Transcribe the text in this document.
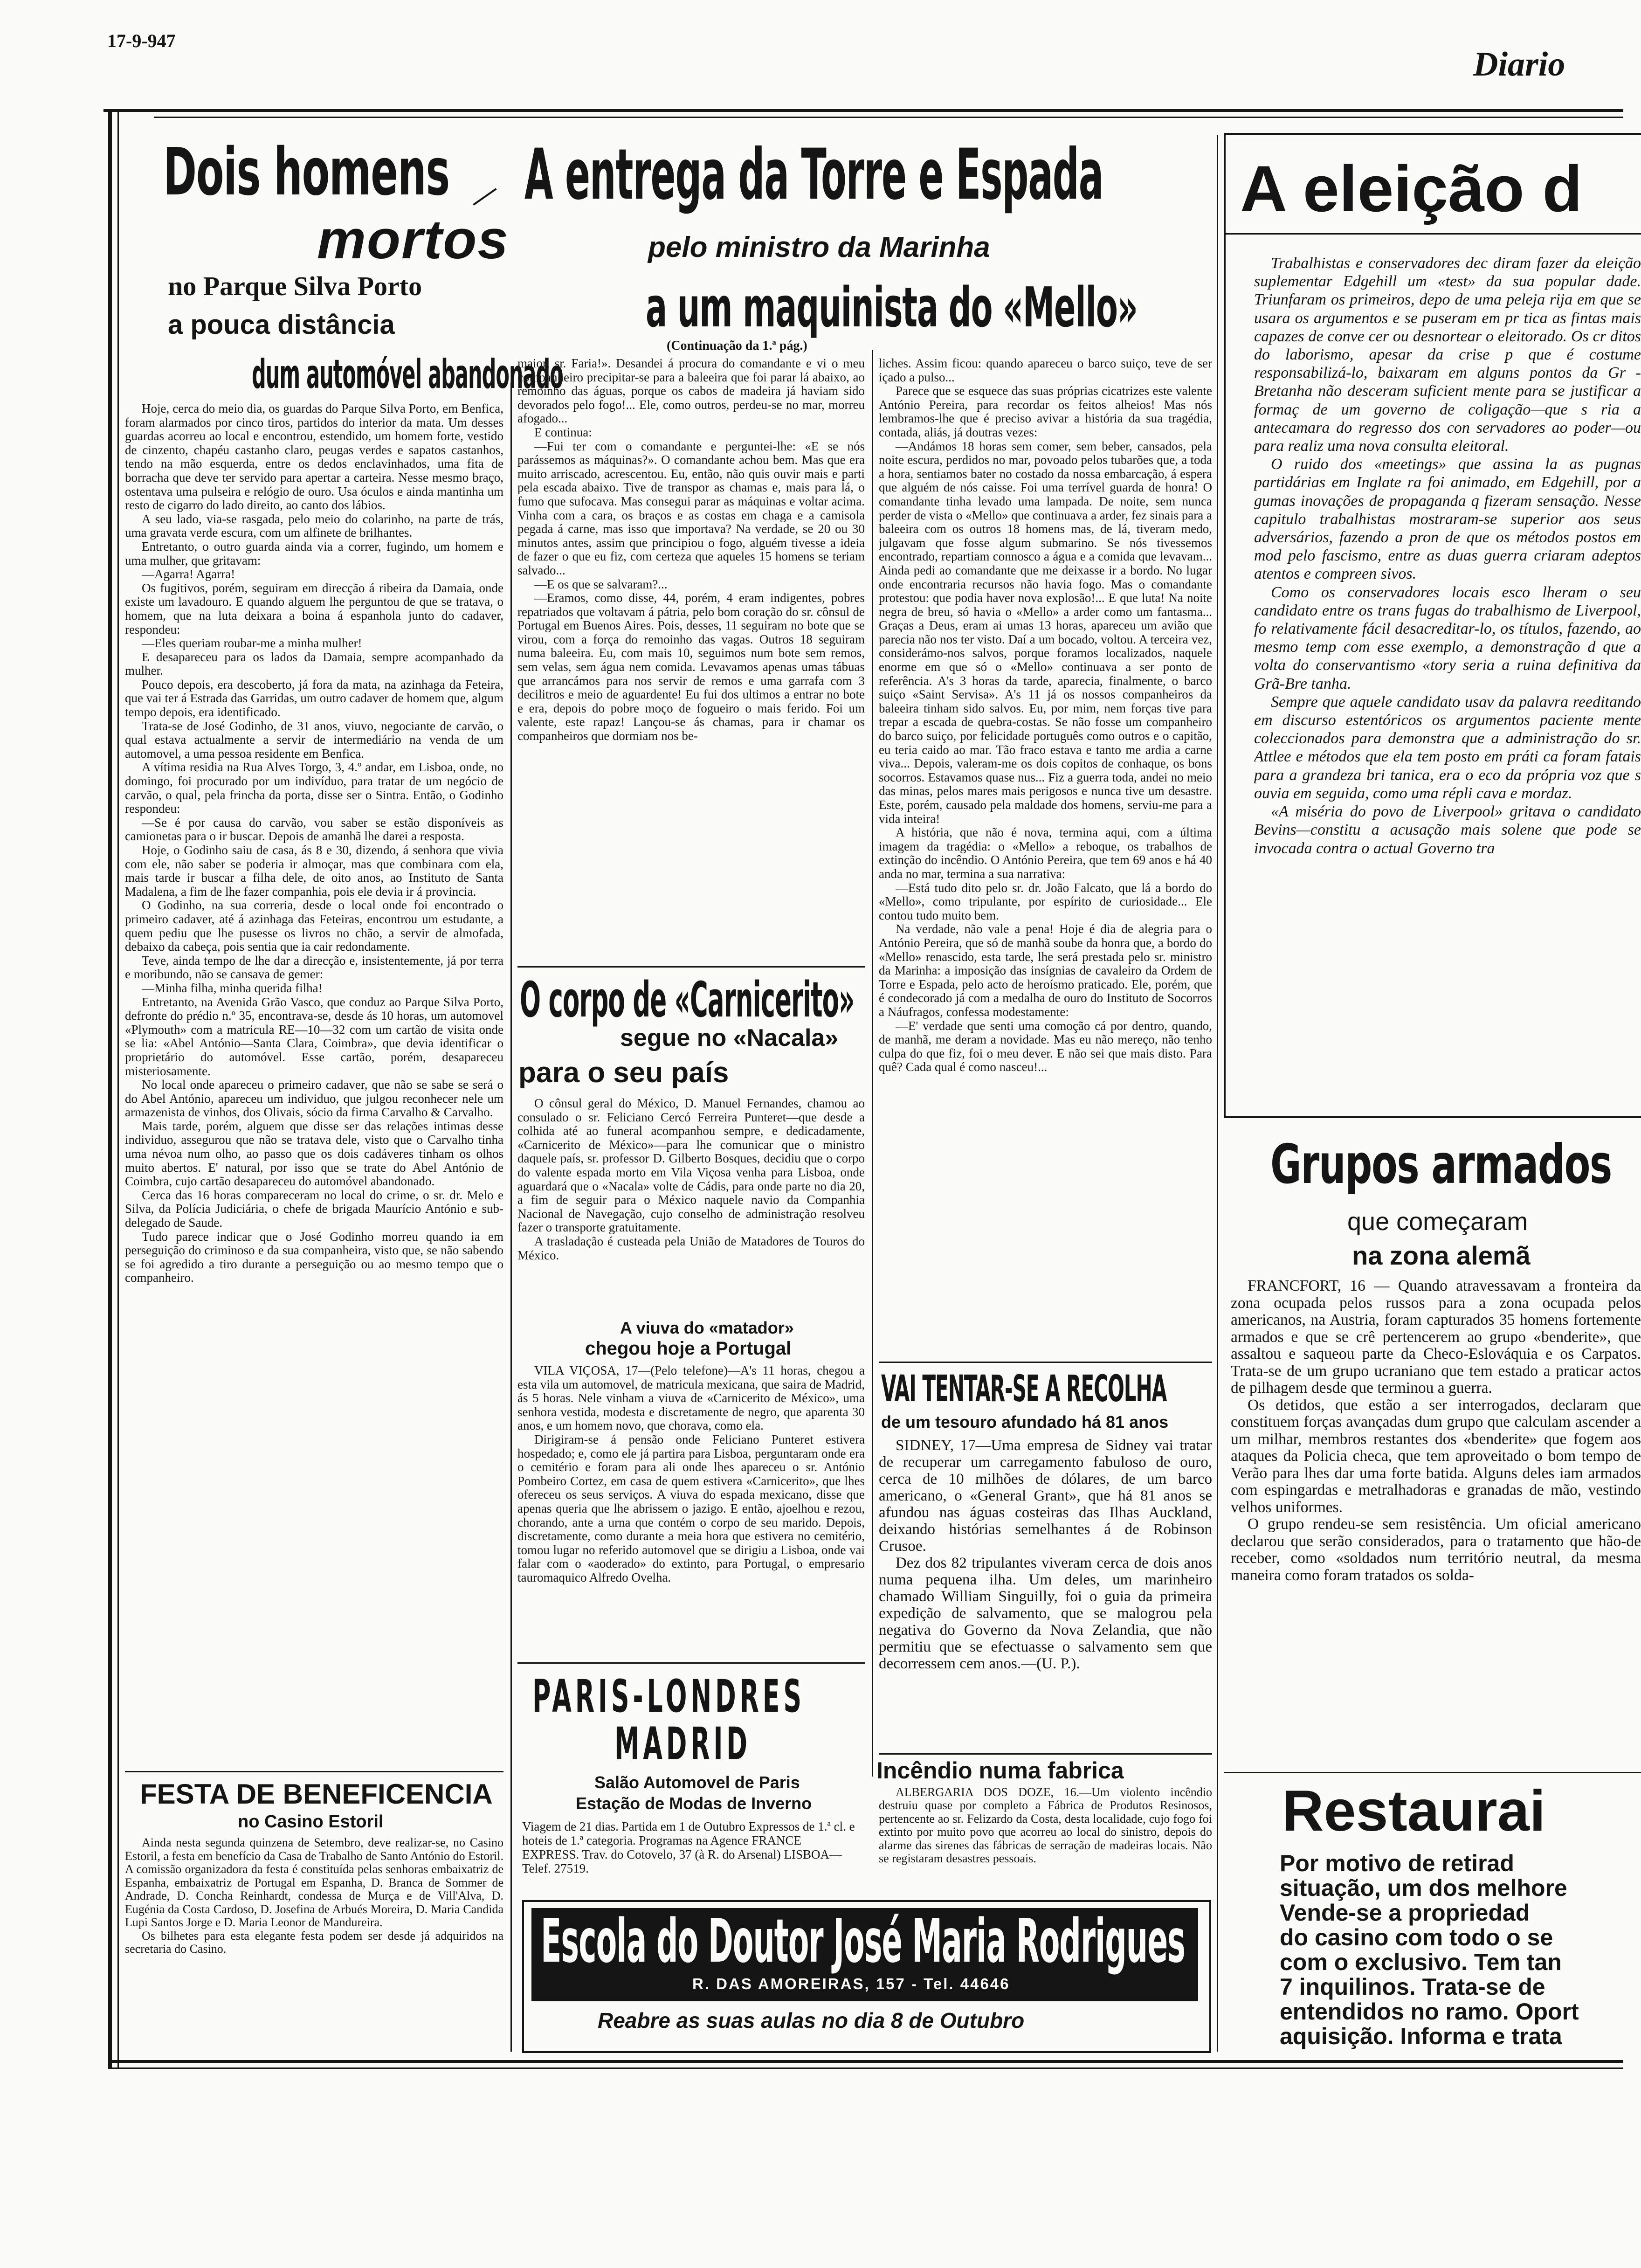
17-9-947
Diario
Dois homens
mortos
no Parque Silva Porto
a pouca distância
dum automóvel abandonado

Hoje, cerca do meio dia, os guardas do Parque Silva Porto, em Benfica, foram alarmados por cinco tiros, partidos do interior da mata. Um desses guardas acorreu ao local e encontrou, estendido, um homem forte, vestido de cinzento, chapéu castanho claro, peugas verdes e sapatos castanhos, tendo na mão esquerda, entre os dedos enclavinhados, uma fita de borracha que deve ter servido para apertar a carteira. Nesse mesmo braço, ostentava uma pulseira e relógio de ouro. Usa óculos e ainda mantinha um resto de cigarro do lado direito, ao canto dos lábios.

A seu lado, via-se rasgada, pelo meio do colarinho, na parte de trás, uma gravata verde escura, com um alfinete de brilhantes.

Entretanto, o outro guarda ainda via a correr, fugindo, um homem e uma mulher, que gritavam:

—Agarra! Agarra!

Os fugitivos, porém, seguiram em direcção á ribeira da Damaia, onde existe um lavadouro. E quando alguem lhe perguntou de que se tratava, o homem, que na luta deixara a boina á espanhola junto do cadaver, respondeu:

—Eles queriam roubar-me a minha mulher!

E desapareceu para os lados da Damaia, sempre acompanhado da mulher.

Pouco depois, era descoberto, já fora da mata, na azinhaga da Feteira, que vai ter á Estrada das Garridas, um outro cadaver de homem que, algum tempo depois, era identificado.

Trata-se de José Godinho, de 31 anos, viuvo, negociante de carvão, o qual estava actualmente a servir de intermediário na venda de um automovel, a uma pessoa residente em Benfica.

A vítima residia na Rua Alves Torgo, 3, 4.º andar, em Lisboa, onde, no domingo, foi procurado por um indivíduo, para tratar de um negócio de carvão, o qual, pela frincha da porta, disse ser o Sintra. Então, o Godinho respondeu:

—Se é por causa do carvão, vou saber se estão disponíveis as camionetas para o ir buscar. Depois de amanhã lhe darei a resposta.

Hoje, o Godinho saiu de casa, ás 8 e 30, dizendo, á senhora que vivia com ele, não saber se poderia ir almoçar, mas que combinara com ela, mais tarde ir buscar a filha dele, de oito anos, ao Instituto de Santa Madalena, a fim de lhe fazer companhia, pois ele devia ir á provincia.

O Godinho, na sua correria, desde o local onde foi encontrado o primeiro cadaver, até á azinhaga das Feteiras, encontrou um estudante, a quem pediu que lhe pusesse os livros no chão, a servir de almofada, debaixo da cabeça, pois sentia que ia cair redondamente.

Teve, ainda tempo de lhe dar a direcção e, insistentemente, já por terra e moribundo, não se cansava de gemer:

—Minha filha, minha querida filha!

Entretanto, na Avenida Grão Vasco, que conduz ao Parque Silva Porto, defronte do prédio n.º 35, encontrava-se, desde ás 10 horas, um automovel «Plymouth» com a matricula RE—10—32 com um cartão de visita onde se lia: «Abel António—Santa Clara, Coimbra», que devia identificar o proprietário do automóvel. Esse cartão, porém, desapareceu misteriosamente.

No local onde apareceu o primeiro cadaver, que não se sabe se será o do Abel António, apareceu um individuo, que julgou reconhecer nele um armazenista de vinhos, dos Olivais, sócio da firma Carvalho & Carvalho.

Mais tarde, porém, alguem que disse ser das relações intimas desse individuo, assegurou que não se tratava dele, visto que o Carvalho tinha uma névoa num olho, ao passo que os dois cadáveres tinham os olhos muito abertos. E' natural, por isso que se trate do Abel António de Coimbra, cujo cartão desapareceu do automóvel abandonado.

Cerca das 16 horas compareceram no local do crime, o sr. dr. Melo e Silva, da Polícia Judiciária, o chefe de brigada Maurício António e sub-delegado de Saude.

Tudo parece indicar que o José Godinho morreu quando ia em perseguição do criminoso e da sua companheira, visto que, se não sabendo se foi agredido a tiro durante a perseguição ou ao mesmo tempo que o companheiro.

FESTA DE BENEFICENCIA
no Casino Estoril

Ainda nesta segunda quinzena de Setembro, deve realizar-se, no Casino Estoril, a festa em benefício da Casa de Trabalho de Santo António do Estoril. A comissão organizadora da festa é constituída pelas senhoras embaixatriz de Espanha, embaixatriz de Portugal em Espanha, D. Branca de Sommer de Andrade, D. Concha Reinhardt, condessa de Murça e de Vill'Alva, D. Eugénia da Costa Cardoso, D. Josefina de Arbués Moreira, D. Maria Candida Lupi Santos Jorge e D. Maria Leonor de Mandureira.

Os bilhetes para esta elegante festa podem ser desde já adquiridos na secretaria do Casino.

A entrega da Torre e Espada
pelo ministro da Marinha
a um maquinista do «Mello»
(Continuação da 1.ª pág.)

maior, sr. Faria!». Desandei á procura do comandante e vi o meu companheiro precipitar-se para a baleeira que foi parar lá abaixo, ao remoinho das águas, porque os cabos de madeira já haviam sido devorados pelo fogo!... Ele, como outros, perdeu-se no mar, morreu afogado...

E continua:

—Fui ter com o comandante e perguntei-lhe: «E se nós parássemos as máquinas?». O comandante achou bem. Mas que era muito arriscado, acrescentou. Eu, então, não quis ouvir mais e parti pela escada abaixo. Tive de transpor as chamas e, mais para lá, o fumo que sufocava. Mas consegui parar as máquinas e voltar acima. Vinha com a cara, os braços e as costas em chaga e a camisola pegada á carne, mas isso que importava? Na verdade, se 20 ou 30 minutos antes, assim que principiou o fogo, alguém tivesse a ideia de fazer o que eu fiz, com certeza que aqueles 15 homens se teriam salvado...

—E os que se salvaram?...

—Eramos, como disse, 44, porém, 4 eram indigentes, pobres repatriados que voltavam á pátria, pelo bom coração do sr. cônsul de Portugal em Buenos Aires. Pois, desses, 11 seguiram no bote que se virou, com a força do remoinho das vagas. Outros 18 seguiram numa baleeira. Eu, com mais 10, seguimos num bote sem remos, sem velas, sem água nem comida. Levavamos apenas umas tábuas que arrancámos para nos servir de remos e uma garrafa com 3 decilitros e meio de aguardente! Eu fui dos ultimos a entrar no bote e era, depois do pobre moço de fogueiro o mais ferido. Foi um valente, este rapaz! Lançou-se ás chamas, para ir chamar os companheiros que dormiam nos be-

liches. Assim ficou: quando apareceu o barco suiço, teve de ser içado a pulso...

Parece que se esquece das suas próprias cicatrizes este valente António Pereira, para recordar os feitos alheios! Mas nós lembramos-lhe que é preciso avivar a história da sua tragédia, contada, aliás, já doutras vezes:

—Andámos 18 horas sem comer, sem beber, cansados, pela noite escura, perdidos no mar, povoado pelos tubarões que, a toda a hora, sentiamos bater no costado da nossa embarcação, á espera que alguém de nós caisse. Foi uma terrível guarda de honra! O comandante tinha levado uma lampada. De noite, sem nunca perder de vista o «Mello» que continuava a arder, fez sinais para a baleeira com os outros 18 homens mas, de lá, tiveram medo, julgavam que fosse algum submarino. Se nós tivessemos encontrado, repartiam connosco a água e a comida que levavam... Ainda pedi ao comandante que me deixasse ir a bordo. No lugar onde encontraria recursos não havia fogo. Mas o comandante protestou: que podia haver nova explosão!... E que luta! Na noite negra de breu, só havia o «Mello» a arder como um fantasma... Graças a Deus, eram ai umas 13 horas, apareceu um avião que parecia não nos ter visto. Daí a um bocado, voltou. A terceira vez, considerámo-nos salvos, porque foramos localizados, naquele enorme em que só o «Mello» continuava a ser ponto de referência. A's 3 horas da tarde, aparecia, finalmente, o barco suiço «Saint Servisa». A's 11 já os nossos companheiros da baleeira tinham sido salvos. Eu, por mim, nem forças tive para trepar a escada de quebra-costas. Se não fosse um companheiro do barco suiço, por felicidade português como outros e o capitão, eu teria caido ao mar. Tão fraco estava e tanto me ardia a carne viva... Depois, valeram-me os dois copitos de conhaque, os bons socorros. Estavamos quase nus... Fiz a guerra toda, andei no meio das minas, pelos mares mais perigosos e nunca tive um desastre. Este, porém, causado pela maldade dos homens, serviu-me para a vida inteira!

A história, que não é nova, termina aqui, com a última imagem da tragédia: o «Mello» a reboque, os trabalhos de extinção do incêndio. O António Pereira, que tem 69 anos e há 40 anda no mar, termina a sua narrativa:

—Está tudo dito pelo sr. dr. João Falcato, que lá a bordo do «Mello», como tripulante, por espírito de curiosidade... Ele contou tudo muito bem.

Na verdade, não vale a pena! Hoje é dia de alegria para o António Pereira, que só de manhã soube da honra que, a bordo do «Mello» renascido, esta tarde, lhe será prestada pelo sr. ministro da Marinha: a imposição das insígnias de cavaleiro da Ordem de Torre e Espada, pelo acto de heroísmo praticado. Ele, porém, que é condecorado já com a medalha de ouro do Instituto de Socorros a Náufragos, confessa modestamente:

—E' verdade que senti uma comoção cá por dentro, quando, de manhã, me deram a novidade. Mas eu não mereço, não tenho culpa do que fiz, foi o meu dever. E não sei que mais disto. Para quê? Cada qual é como nasceu!...

O corpo de «Carnicerito»
segue no «Nacala»
para o seu país

O cônsul geral do México, D. Manuel Fernandes, chamou ao consulado o sr. Feliciano Cercó Ferreira Punteret—que desde a colhida até ao funeral acompanhou sempre, e dedicadamente, «Carnicerito de México»—para lhe comunicar que o ministro daquele país, sr. professor D. Gilberto Bosques, decidiu que o corpo do valente espada morto em Vila Viçosa venha para Lisboa, onde aguardará que o «Nacala» volte de Cádis, para onde parte no dia 20, a fim de seguir para o México naquele navio da Companhia Nacional de Navegação, cujo conselho de administração resolveu fazer o transporte gratuitamente.

A trasladação é custeada pela União de Matadores de Touros do México.

A viuva do «matador»
chegou hoje a Portugal

VILA VIÇOSA, 17—(Pelo telefone)—A's 11 horas, chegou a esta vila um automovel, de matricula mexicana, que saira de Madrid, ás 5 horas. Nele vinham a viuva de «Carnicerito de México», uma senhora vestida, modesta e discretamente de negro, que aparenta 30 anos, e um homem novo, que chorava, como ela.

Dirigiram-se á pensão onde Feliciano Punteret estivera hospedado; e, como ele já partira para Lisboa, perguntaram onde era o cemitério e foram para ali onde lhes apareceu o sr. António Pombeiro Cortez, em casa de quem estivera «Carnicerito», que lhes ofereceu os seus serviços. A viuva do espada mexicano, disse que apenas queria que lhe abrissem o jazigo. E então, ajoelhou e rezou, chorando, ante a urna que contém o corpo de seu marido. Depois, discretamente, como durante a meia hora que estivera no cemitério, tomou lugar no referido automovel que se dirigiu a Lisboa, onde vai falar com o «aoderado» do extinto, para Portugal, o empresario tauromaquico Alfredo Ovelha.

VAI TENTAR-SE A RECOLHA
de um tesouro afundado há 81 anos

SIDNEY, 17—Uma empresa de Sidney vai tratar de recuperar um carregamento fabuloso de ouro, cerca de 10 milhões de dólares, de um barco americano, o «General Grant», que há 81 anos se afundou nas águas costeiras das Ilhas Auckland, deixando histórias semelhantes á de Robinson Crusoe.

Dez dos 82 tripulantes viveram cerca de dois anos numa pequena ilha. Um deles, um marinheiro chamado William Singuilly, foi o guia da primeira expedição de salvamento, que se malogrou pela negativa do Governo da Nova Zelandia, que não permitiu que se efectuasse o salvamento sem que decorressem cem anos.—(U. P.).

PARIS-LONDRES
MADRID
Salão Automovel de Paris
Estação de Modas de Inverno
Viagem de 21 dias. Partida em 1 de Outubro Expressos de 1.ª cl. e hoteis de 1.ª categoria. Programas na Agence FRANCE EXPRESS. Trav. do Cotovelo, 37 (à R. do Arsenal) LISBOA—Telef. 27519.
Incêndio numa fabrica

ALBERGARIA DOS DOZE, 16.—Um violento incêndio destruiu quase por completo a Fábrica de Produtos Resinosos, pertencente ao sr. Felizardo da Costa, desta localidade, cujo fogo foi extinto por muito povo que acorreu ao local do sinistro, depois do alarme das sirenes das fábricas de serração de madeiras locais. Não se registaram desastres pessoais.

Escola do Doutor José Maria Rodrigues
R. DAS AMOREIRAS, 157 - Tel. 44646
Reabre as suas aulas no dia 8 de Outubro
A eleição d

Trabalhistas e conservadores dec diram fazer da eleição suplementar Edgehill um «test» da sua popular dade. Triunfaram os primeiros, depo de uma peleja rija em que se usara os argumentos e se puseram em pr tica as fintas mais capazes de conve cer ou desnortear o eleitorado. Os cr ditos do laborismo, apesar da crise p que é costume responsabilizá-lo, baixaram em alguns pontos da Gr -Bretanha não desceram suficient mente para se justificar a formaç de um governo de coligação—que s ria a antecamara do regresso dos con servadores ao poder—ou para realiz uma nova consulta eleitoral.

O ruido dos «meetings» que assina la as pugnas partidárias em Inglate ra foi animado, em Edgehill, por a gumas inovações de propaganda q fizeram sensação. Nesse capitulo trabalhistas mostraram-se superior aos seus adversários, fazendo a pron de que os métodos postos em mod pelo fascismo, entre as duas guerra criaram adeptos atentos e compreen sivos.

Como os conservadores locais esco lheram o seu candidato entre os trans fugas do trabalhismo de Liverpool, fo relativamente fácil desacreditar-lo, os títulos, fazendo, ao mesmo temp com esse exemplo, a demonstração d que a volta do conservantismo «tory seria a ruina definitiva da Grã-Bre tanha.

Sempre que aquele candidato usav da palavra reeditando em discurso estentóricos os argumentos paciente mente coleccionados para demonstra que a administração do sr. Attlee e métodos que ela tem posto em práti ca foram fatais para a grandeza bri tanica, era o eco da própria voz que s ouvia em seguida, como uma répli cava e mordaz.

«A miséria do povo de Liverpool» gritava o candidato Bevins—constitu a acusação mais solene que pode se invocada contra o actual Governo tra

Grupos armados
que começaram
na zona alemã

FRANCFORT, 16 — Quando atravessavam a fronteira da zona ocupada pelos russos para a zona ocupada pelos americanos, na Austria, foram capturados 35 homens fortemente armados e que se crê pertencerem ao grupo «benderite», que assaltou e saqueou parte da Checo-Eslováquia e os Carpatos. Trata-se de um grupo ucraniano que tem estado a praticar actos de pilhagem desde que terminou a guerra.

Os detidos, que estão a ser interrogados, declaram que constituem forças avançadas dum grupo que calculam ascender a um milhar, membros restantes dos «benderite» que fogem aos ataques da Policia checa, que tem aproveitado o bom tempo de Verão para lhes dar uma forte batida. Alguns deles iam armados com espingardas e metralhadoras e granadas de mão, vestindo velhos uniformes.

O grupo rendeu-se sem resistência. Um oficial americano declarou que serão considerados, para o tratamento que hão-de receber, como «soldados num território neutral, da mesma maneira como foram tratados os solda-

Restaurai
Por motivo de retirad
situação, um dos melhore
Vende-se a propriedad
do casino com todo o se
com o exclusivo. Tem tan
7 inquilinos. Trata-se de
entendidos no ramo. Oport
aquisição. Informa e trata
